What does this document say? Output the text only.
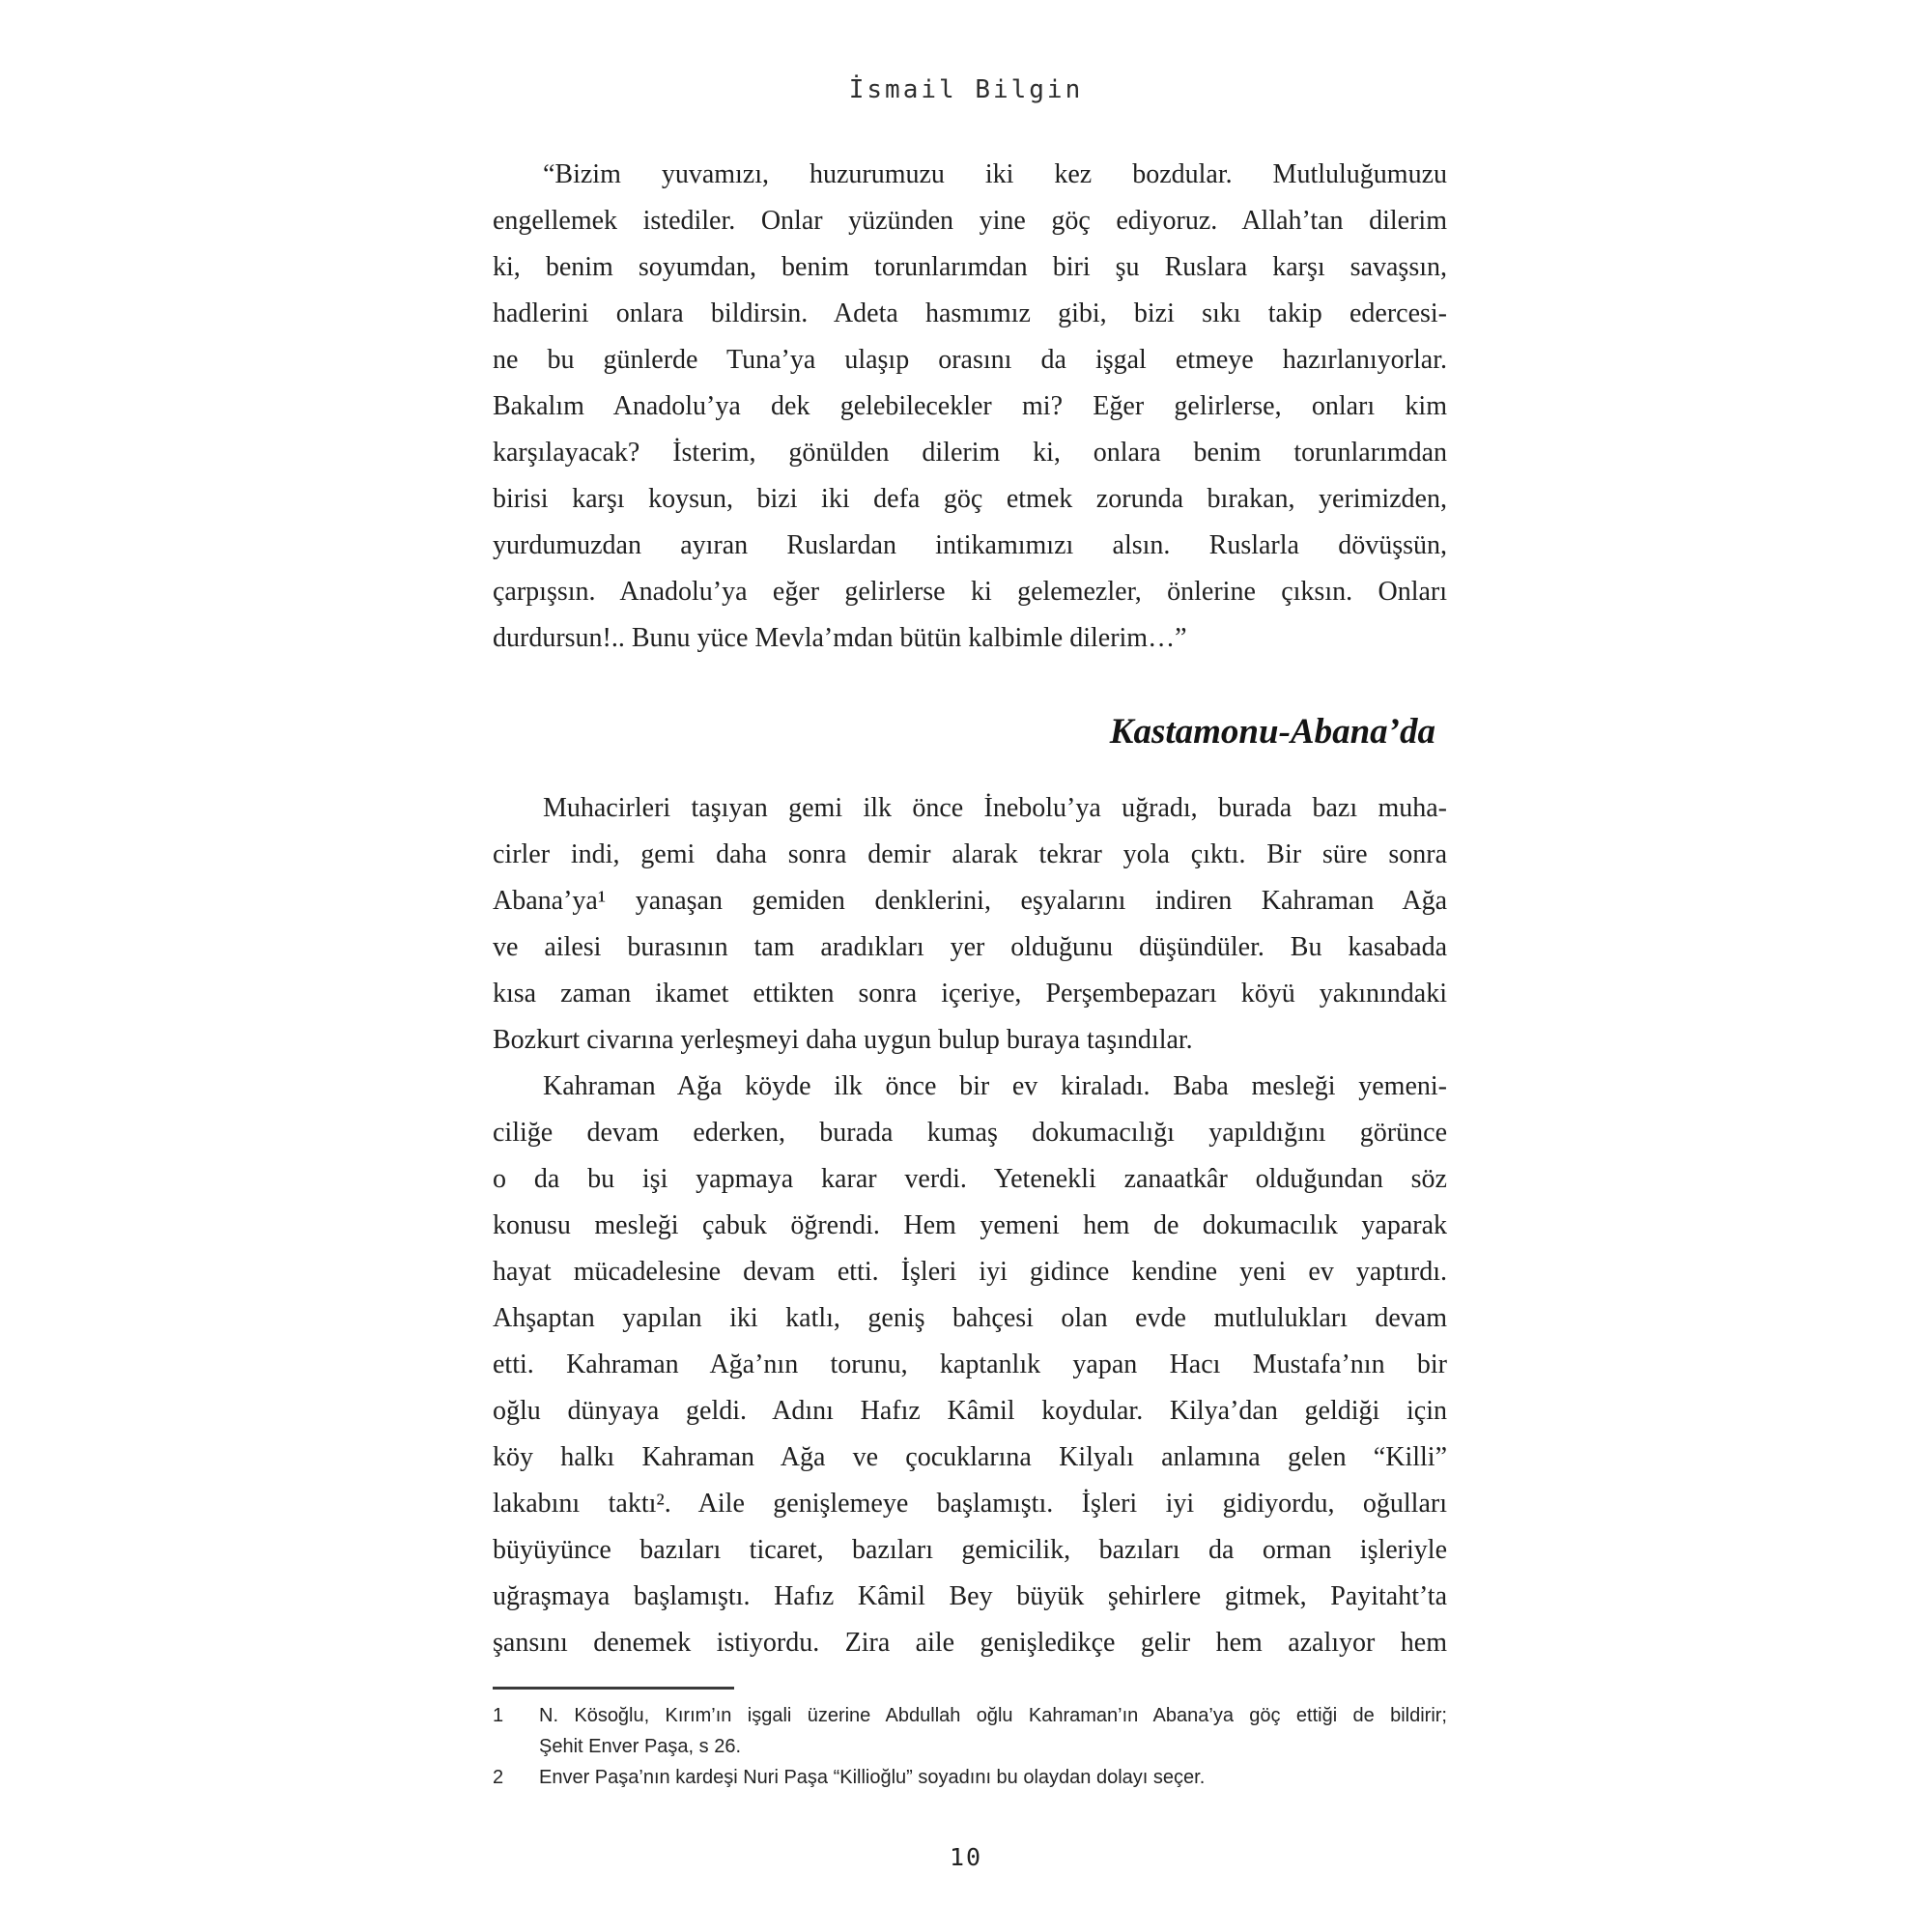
İsmail Bilgin
“Bizim yuvamızı, huzurumuzu iki kez bozdular. Mutluluğumuzu
engellemek istediler. Onlar yüzünden yine göç ediyoruz. Allah’tan dilerim
ki, benim soyumdan, benim torunlarımdan biri şu Ruslara karşı savaşsın,
hadlerini onlara bildirsin. Adeta hasmımız gibi, bizi sıkı takip edercesi-
ne bu günlerde Tuna’ya ulaşıp orasını da işgal etmeye hazırlanıyorlar.
Bakalım Anadolu’ya dek gelebilecekler mi? Eğer gelirlerse, onları kim
karşılayacak? İsterim, gönülden dilerim ki, onlara benim torunlarımdan
birisi karşı koysun, bizi iki defa göç etmek zorunda bırakan, yerimizden,
yurdumuzdan ayıran Ruslardan intikamımızı alsın. Ruslarla dövüşsün,
çarpışsın. Anadolu’ya eğer gelirlerse ki gelemezler, önlerine çıksın. Onları
durdursun!.. Bunu yüce Mevla’mdan bütün kalbimle dilerim…”
Kastamonu-Abana’da
Muhacirleri taşıyan gemi ilk önce İnebolu’ya uğradı, burada bazı muha-
cirler indi, gemi daha sonra demir alarak tekrar yola çıktı. Bir süre sonra
Abana’ya¹ yanaşan gemiden denklerini, eşyalarını indiren Kahraman Ağa
ve ailesi burasının tam aradıkları yer olduğunu düşündüler. Bu kasabada
kısa zaman ikamet ettikten sonra içeriye, Perşembepazarı köyü yakınındaki
Bozkurt civarına yerleşmeyi daha uygun bulup buraya taşındılar.
Kahraman Ağa köyde ilk önce bir ev kiraladı. Baba mesleği yemeni-
ciliğe devam ederken, burada kumaş dokumacılığı yapıldığını görünce
o da bu işi yapmaya karar verdi. Yetenekli zanaatkâr olduğundan söz
konusu mesleği çabuk öğrendi. Hem yemeni hem de dokumacılık yaparak
hayat mücadelesine devam etti. İşleri iyi gidince kendine yeni ev yaptırdı.
Ahşaptan yapılan iki katlı, geniş bahçesi olan evde mutlulukları devam
etti. Kahraman Ağa’nın torunu, kaptanlık yapan Hacı Mustafa’nın bir
oğlu dünyaya geldi. Adını Hafız Kâmil koydular. Kilya’dan geldiği için
köy halkı Kahraman Ağa ve çocuklarına Kilyalı anlamına gelen “Killi”
lakabını taktı². Aile genişlemeye başlamıştı. İşleri iyi gidiyordu, oğulları
büyüyünce bazıları ticaret, bazıları gemicilik, bazıları da orman işleriyle
uğraşmaya başlamıştı. Hafız Kâmil Bey büyük şehirlere gitmek, Payitaht’ta
şansını denemek istiyordu. Zira aile genişledikçe gelir hem azalıyor hem
1	N. Kösoğlu, Kırım’ın işgali üzerine Abdullah oğlu Kahraman’ın Abana’ya göç ettiği de bildirir;
Şehit Enver Paşa, s 26.
2	Enver Paşa’nın kardeşi Nuri Paşa “Killioğlu” soyadını bu olaydan dolayı seçer.
10
